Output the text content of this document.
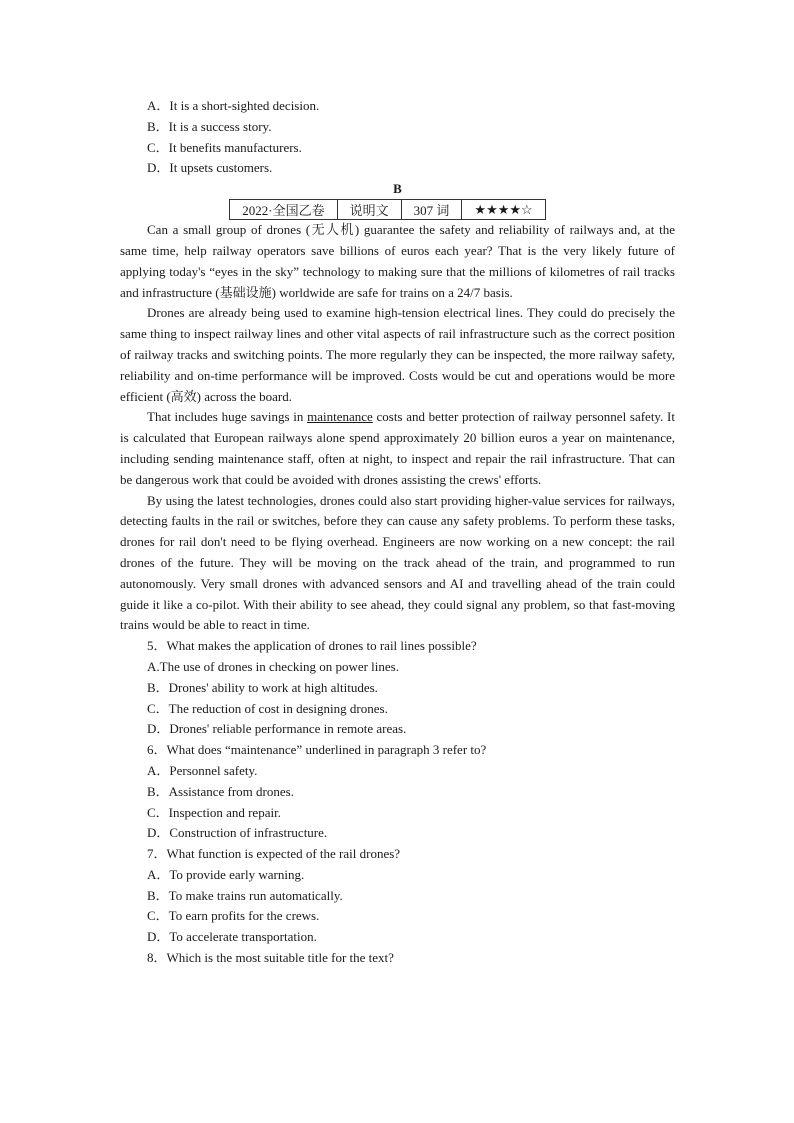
A．It is a short-sighted decision.
B．It is a success story.
C．It benefits manufacturers.
D．It upsets customers.
B
2022·全国乙卷	说明文	307 词	★★★★☆

Can a small group of drones (无人机) guarantee the safety and reliability of railways and, at the same time, help railway operators save billions of euros each year? That is the very likely future of applying today's “eyes in the sky” technology to making sure that the millions of kilometres of rail tracks and infrastructure (基础设施) worldwide are safe for trains on a 24/7 basis.

Drones are already being used to examine high-tension electrical lines. They could do precisely the same thing to inspect railway lines and other vital aspects of rail infrastructure such as the correct position of railway tracks and switching points. The more regularly they can be inspected, the more railway safety, reliability and on-time performance will be improved. Costs would be cut and operations would be more efficient (高效) across the board.

That includes huge savings in maintenance costs and better protection of railway personnel safety. It is calculated that European railways alone spend approximately 20 billion euros a year on maintenance, including sending maintenance staff, often at night, to inspect and repair the rail infrastructure. That can be dangerous work that could be avoided with drones assisting the crews' efforts.

By using the latest technologies, drones could also start providing higher-value services for railways, detecting faults in the rail or switches, before they can cause any safety problems. To perform these tasks, drones for rail don't need to be flying overhead. Engineers are now working on a new concept: the rail drones of the future. They will be moving on the track ahead of the train, and programmed to run autonomously. Very small drones with advanced sensors and AI and travelling ahead of the train could guide it like a co-pilot. With their ability to see ahead, they could signal any problem, so that fast-moving trains would be able to react in time.

5．What makes the application of drones to rail lines possible?
A.The use of drones in checking on power lines.
B．Drones' ability to work at high altitudes.
C．The reduction of cost in designing drones.
D．Drones' reliable performance in remote areas.
6．What does “maintenance” underlined in paragraph 3 refer to?
A．Personnel safety.
B．Assistance from drones.
C．Inspection and repair.
D．Construction of infrastructure.
7．What function is expected of the rail drones?
A．To provide early warning.
B．To make trains run automatically.
C．To earn profits for the crews.
D．To accelerate transportation.
8．Which is the most suitable title for the text?
